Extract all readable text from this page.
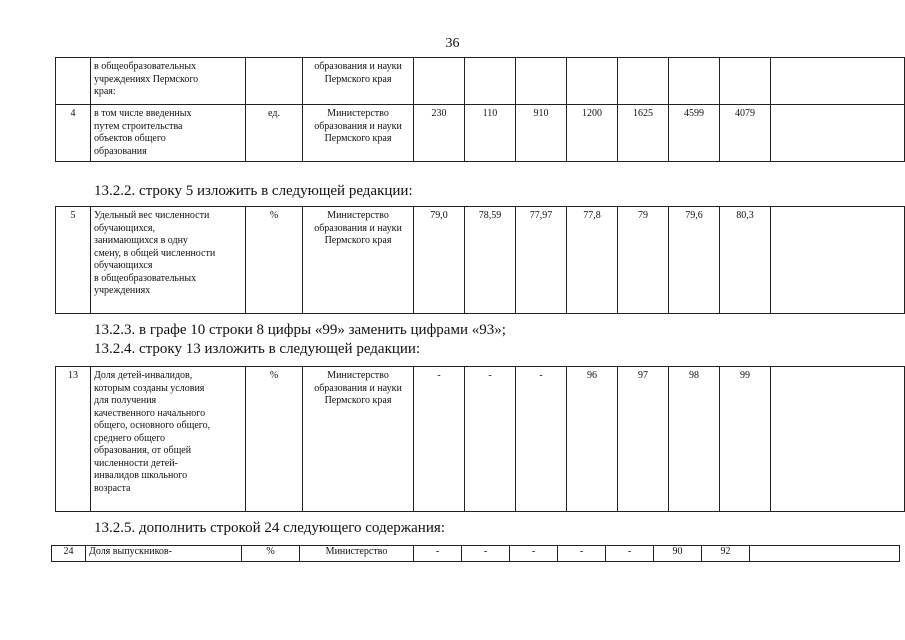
36
	в общеобразовательных
учреждениях Пермского
края:		образования и науки
Пермского края								
4	в том числе введенных
путем строительства
объектов общего
образования	ед.	Министерство
образования и науки
Пермского края	230	110	910	1200	1625	4599	4079	
13.2.2. строку 5 изложить в следующей редакции:
5	Удельный вес численности
обучающихся,
занимающихся в одну
смену, в общей численности
обучающихся
в общеобразовательных
учреждениях	%	Министерство
образования и науки
Пермского края	79,0	78,59	77,97	77,8	79	79,6	80,3	
13.2.3. в графе 10 строки 8 цифры «99» заменить цифрами «93»;
13.2.4. строку 13 изложить в следующей редакции:
13	Доля детей-инвалидов,
которым созданы условия
для получения
качественного начального
общего, основного общего,
среднего общего
образования, от общей
численности детей-
инвалидов школьного
возраста	%	Министерство
образования и науки
Пермского края	-	-	-	96	97	98	99	
13.2.5. дополнить строкой 24 следующего содержания:
24	Доля выпускников-	%	Министерство	-	-	-	-	-	90	92	
